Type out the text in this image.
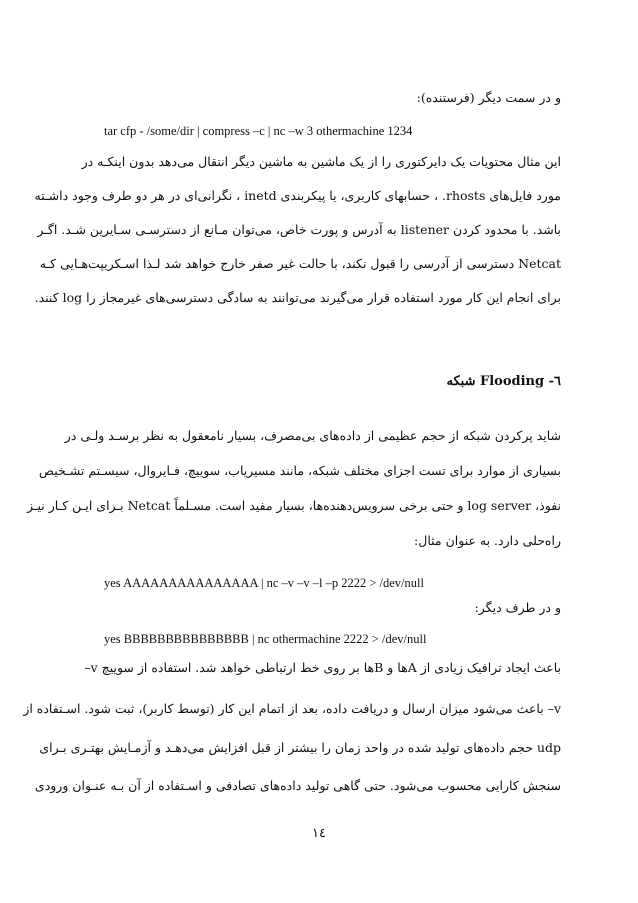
و در سمت دیگر (فرستنده):
tar cfp - /some/dir | compress –c | nc –w 3 othermachine 1234
این مثال محتویات یک دایرکتوری را از یک ماشین به ماشین دیگر انتقال می‌دهد بدون اینکـه در
مورد فایل‌های rhosts. ، حسابهای کاربری، یا پیکربندی inetd ، نگرانی‌ای در هر دو طرف وجود داشـته
باشد. با محدود کردن listener به آدرس و پورت خاص، می‌توان مـانع از دسترسـی سـایرین شـد. اگـر
Netcat دسترسی از آدرسی را قبول نکند، با حالت غیر صفر خارج خواهد شد لـذا اسـکریپت‌هـایی کـه
برای انجام این کار مورد استفاده قرار می‌گیرند می‌توانند به سادگی دسترسی‌های غیرمجاز را log کنند.
٦- Flooding شبکه
شاید پرکردن شبکه از حجم عظیمی از داده‌های بی‌مصرف، بسیار نامعقول به نظر برسـد ولـی در
بسیاری از موارد برای تست اجزای مختلف شبکه، مانند مسیریاب، سوییچ، فـایروال، سیسـتم تشـخیص
نفوذ، log server و حتی برخی سرویس‌دهنده‌ها، بسیار مفید است. مسـلماً Netcat بـرای ایـن کـار نیـز
راه‌حلی دارد. به عنوان مثال:
yes AAAAAAAAAAAAAAA | nc –v –v –l –p 2222 > /dev/null
و در طرف دیگر:
yes BBBBBBBBBBBBBBB | nc othermachine 2222 > /dev/null
باعث ایجاد ترافیک زیادی از Aها و Bها بر روی خط ارتباطی خواهد شد. استفاده از سوییچ v–
v– باعث می‌شود میزان ارسال و دریافت داده، بعد از اتمام این کار (توسط کاربر)، ثبت شود. اسـتفاده از
udp حجم داده‌های تولید شده در واحد زمان را بیشتر از قبل افزایش می‌دهـد و آزمـایش بهتـری بـرای
سنجش کارایی محسوب می‌شود. حتی گاهی تولید داده‌های تصادفی و اسـتفاده از آن بـه عنـوان ورودی
١٤
